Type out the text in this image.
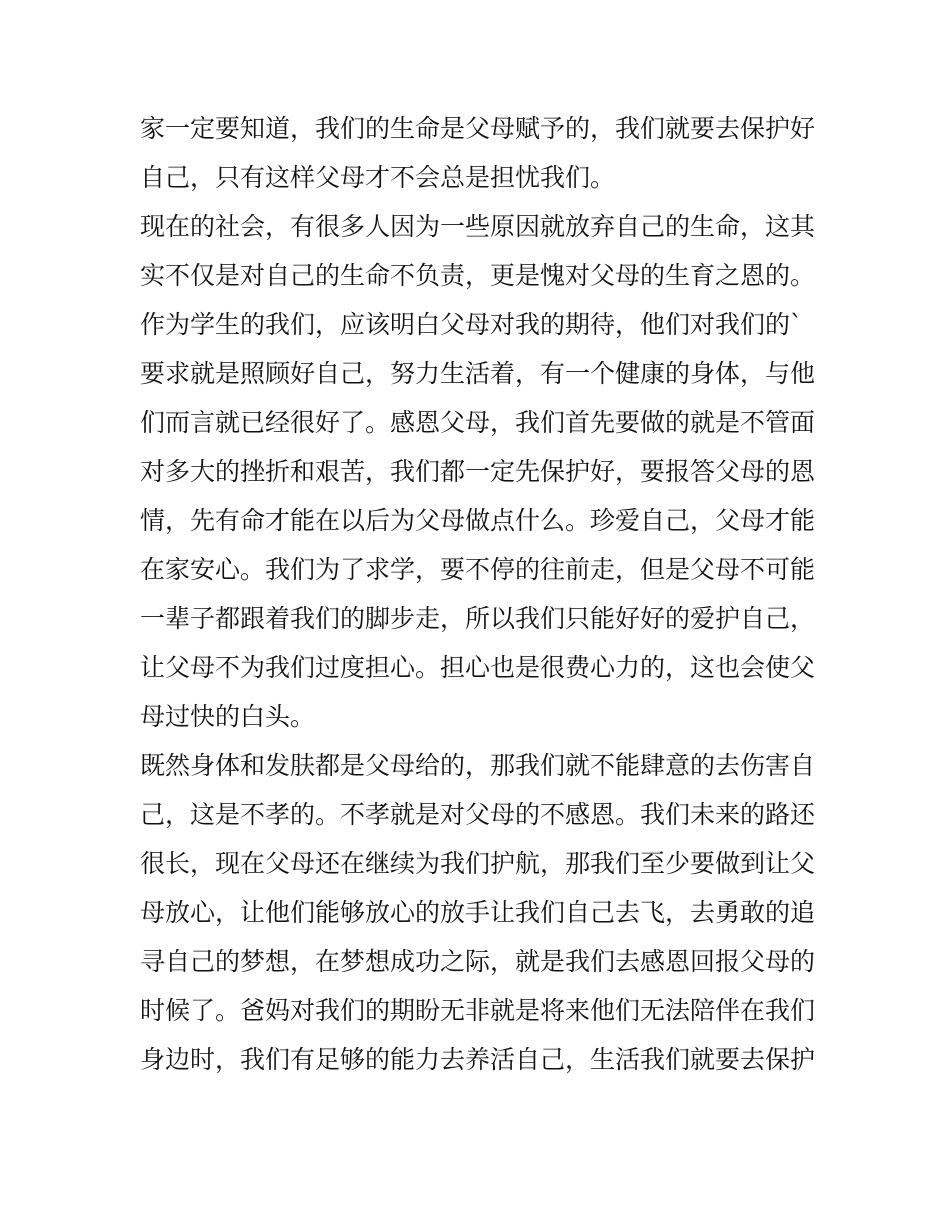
家一定要知道，我们的生命是父母赋予的，我们就要去保护好
自己，只有这样父母才不会总是担忧我们。
现在的社会，有很多人因为一些原因就放弃自己的生命，这其
实不仅是对自己的生命不负责，更是愧对父母的生育之恩的。
作为学生的我们，应该明白父母对我的期待，他们对我们的`
要求就是照顾好自己，努力生活着，有一个健康的身体，与他
们而言就已经很好了。感恩父母，我们首先要做的就是不管面
对多大的挫折和艰苦，我们都一定先保护好，要报答父母的恩
情，先有命才能在以后为父母做点什么。珍爱自己，父母才能
在家安心。我们为了求学，要不停的往前走，但是父母不可能
一辈子都跟着我们的脚步走，所以我们只能好好的爱护自己，
让父母不为我们过度担心。担心也是很费心力的，这也会使父
母过快的白头。
既然身体和发肤都是父母给的，那我们就不能肆意的去伤害自
己，这是不孝的。不孝就是对父母的不感恩。我们未来的路还
很长，现在父母还在继续为我们护航，那我们至少要做到让父
母放心，让他们能够放心的放手让我们自己去飞，去勇敢的追
寻自己的梦想，在梦想成功之际，就是我们去感恩回报父母的
时候了。爸妈对我们的期盼无非就是将来他们无法陪伴在我们
身边时，我们有足够的能力去养活自己，生活我们就要去保护
